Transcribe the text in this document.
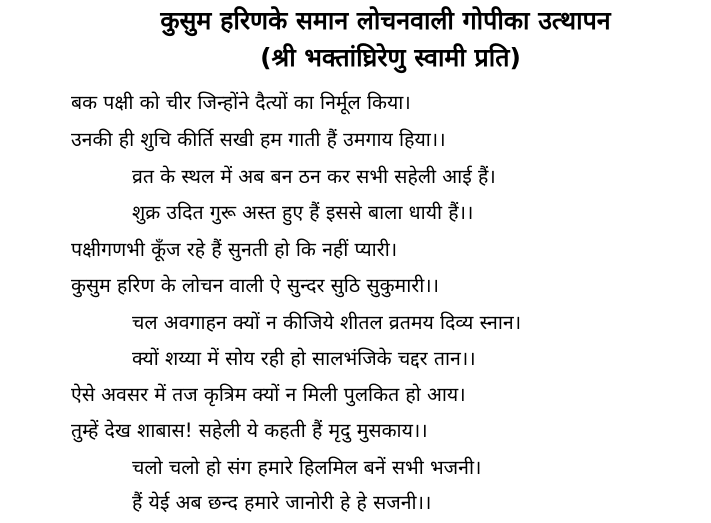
कुसुम हरिणके समान लोचनवाली गोपीका उत्थापन
(श्री भक्तांघ्रिरेणु स्वामी प्रति)
बक पक्षी को चीर जिन्होंने दैत्यों का निर्मूल किया।
उनकी ही शुचि कीर्ति सखी हम गाती हैं उमगाय हिया।।
व्रत के स्थल में अब बन ठन कर सभी सहेली आई हैं।
शुक्र उदित गुरू अस्त हुए हैं इससे बाला धायी हैं।।
पक्षीगणभी कूँज रहे हैं सुनती हो कि नहीं प्यारी।
कुसुम हरिण के लोचन वाली ऐ सुन्दर सुठि सुकुमारी।।
चल अवगाहन क्यों न कीजिये शीतल व्रतमय दिव्य स्नान।
क्यों शय्या में सोय रही हो सालभंजिके चद्दर तान।।
ऐसे अवसर में तज कृत्रिम क्यों न मिली पुलकित हो आय।
तुम्हें देख शाबास! सहेली ये कहती हैं मृदु मुसकाय।।
चलो चलो हो संग हमारे हिलमिल बनें सभी भजनी।
हैं येई अब छन्द हमारे जानोरी हे हे सजनी।।
